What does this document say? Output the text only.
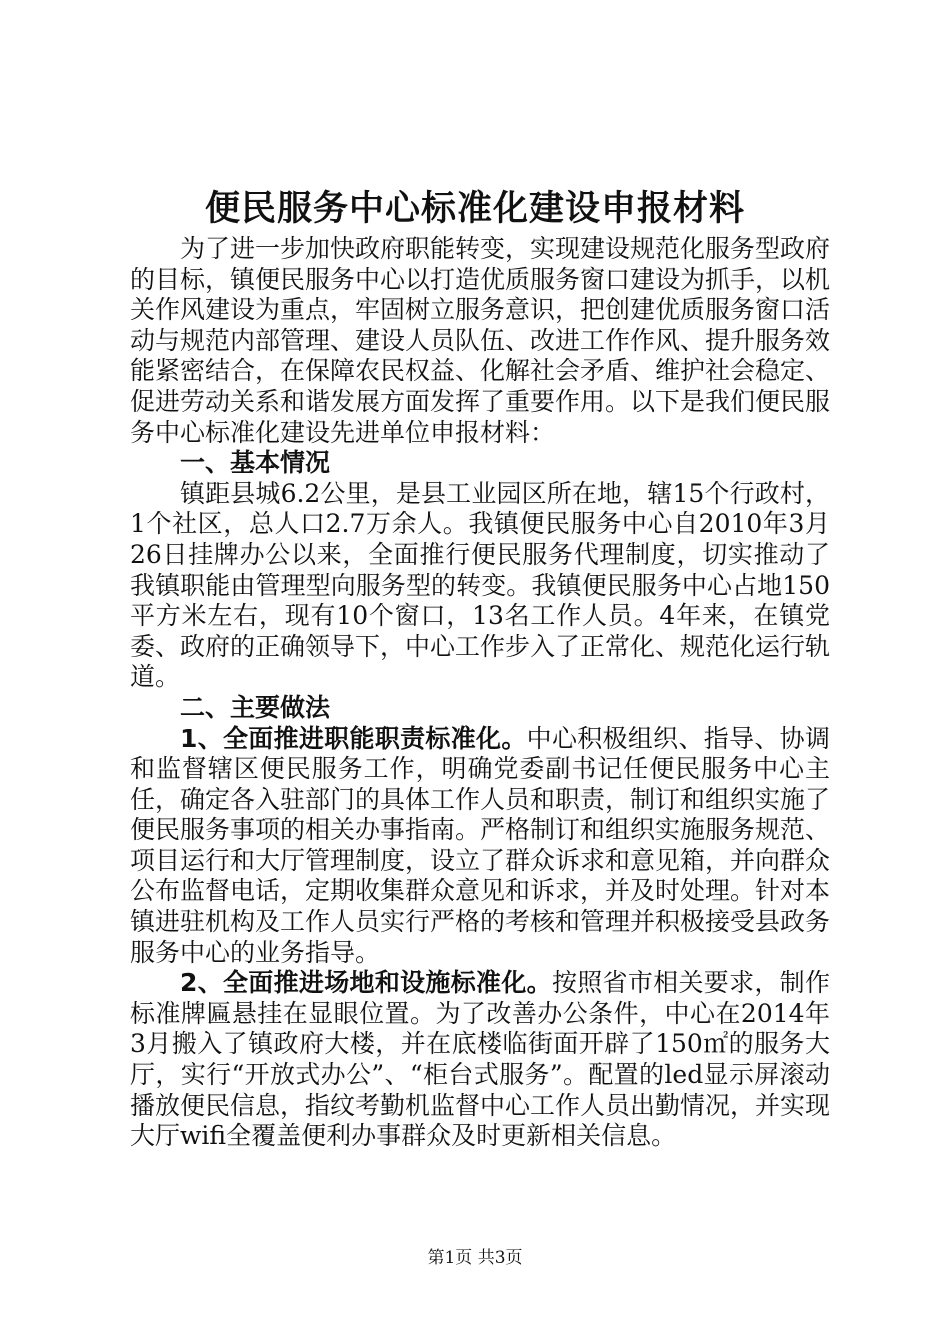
便民服务中心标准化建设申报材料

为了进一步加快政府职能转变，实现建设规范化服务型政府的目标，镇便民服务中心以打造优质服务窗口建设为抓手，以机关作风建设为重点，牢固树立服务意识，把创建优质服务窗口活动与规范内部管理、建设人员队伍、改进工作作风、提升服务效能紧密结合，在保障农民权益、化解社会矛盾、维护社会稳定、促进劳动关系和谐发展方面发挥了重要作用。以下是我们便民服务中心标准化建设先进单位申报材料：

一、基本情况

镇距县城6.2公里，是县工业园区所在地，辖15个行政村，1个社区，总人口2.7万余人。我镇便民服务中心自2010年3月26日挂牌办公以来，全面推行便民服务代理制度，切实推动了我镇职能由管理型向服务型的转变。我镇便民服务中心占地150平方米左右，现有10个窗口，13名工作人员。4年来，在镇党委、政府的正确领导下，中心工作步入了正常化、规范化运行轨道。

二、主要做法

1、全面推进职能职责标准化。中心积极组织、指导、协调和监督辖区便民服务工作，明确党委副书记任便民服务中心主任，确定各入驻部门的具体工作人员和职责，制订和组织实施了便民服务事项的相关办事指南。严格制订和组织实施服务规范、项目运行和大厅管理制度，设立了群众诉求和意见箱，并向群众公布监督电话，定期收集群众意见和诉求，并及时处理。针对本镇进驻机构及工作人员实行严格的考核和管理并积极接受县政务服务中心的业务指导。

2、全面推进场地和设施标准化。按照省市相关要求，制作标准牌匾悬挂在显眼位置。为了改善办公条件，中心在2014年3月搬入了镇政府大楼，并在底楼临街面开辟了150㎡的服务大厅，实行“开放式办公”、“柜台式服务”。配置的led显示屏滚动播放便民信息，指纹考勤机监督中心工作人员出勤情况，并实现大厅wifi全覆盖便利办事群众及时更新相关信息。

第1页 共3页
